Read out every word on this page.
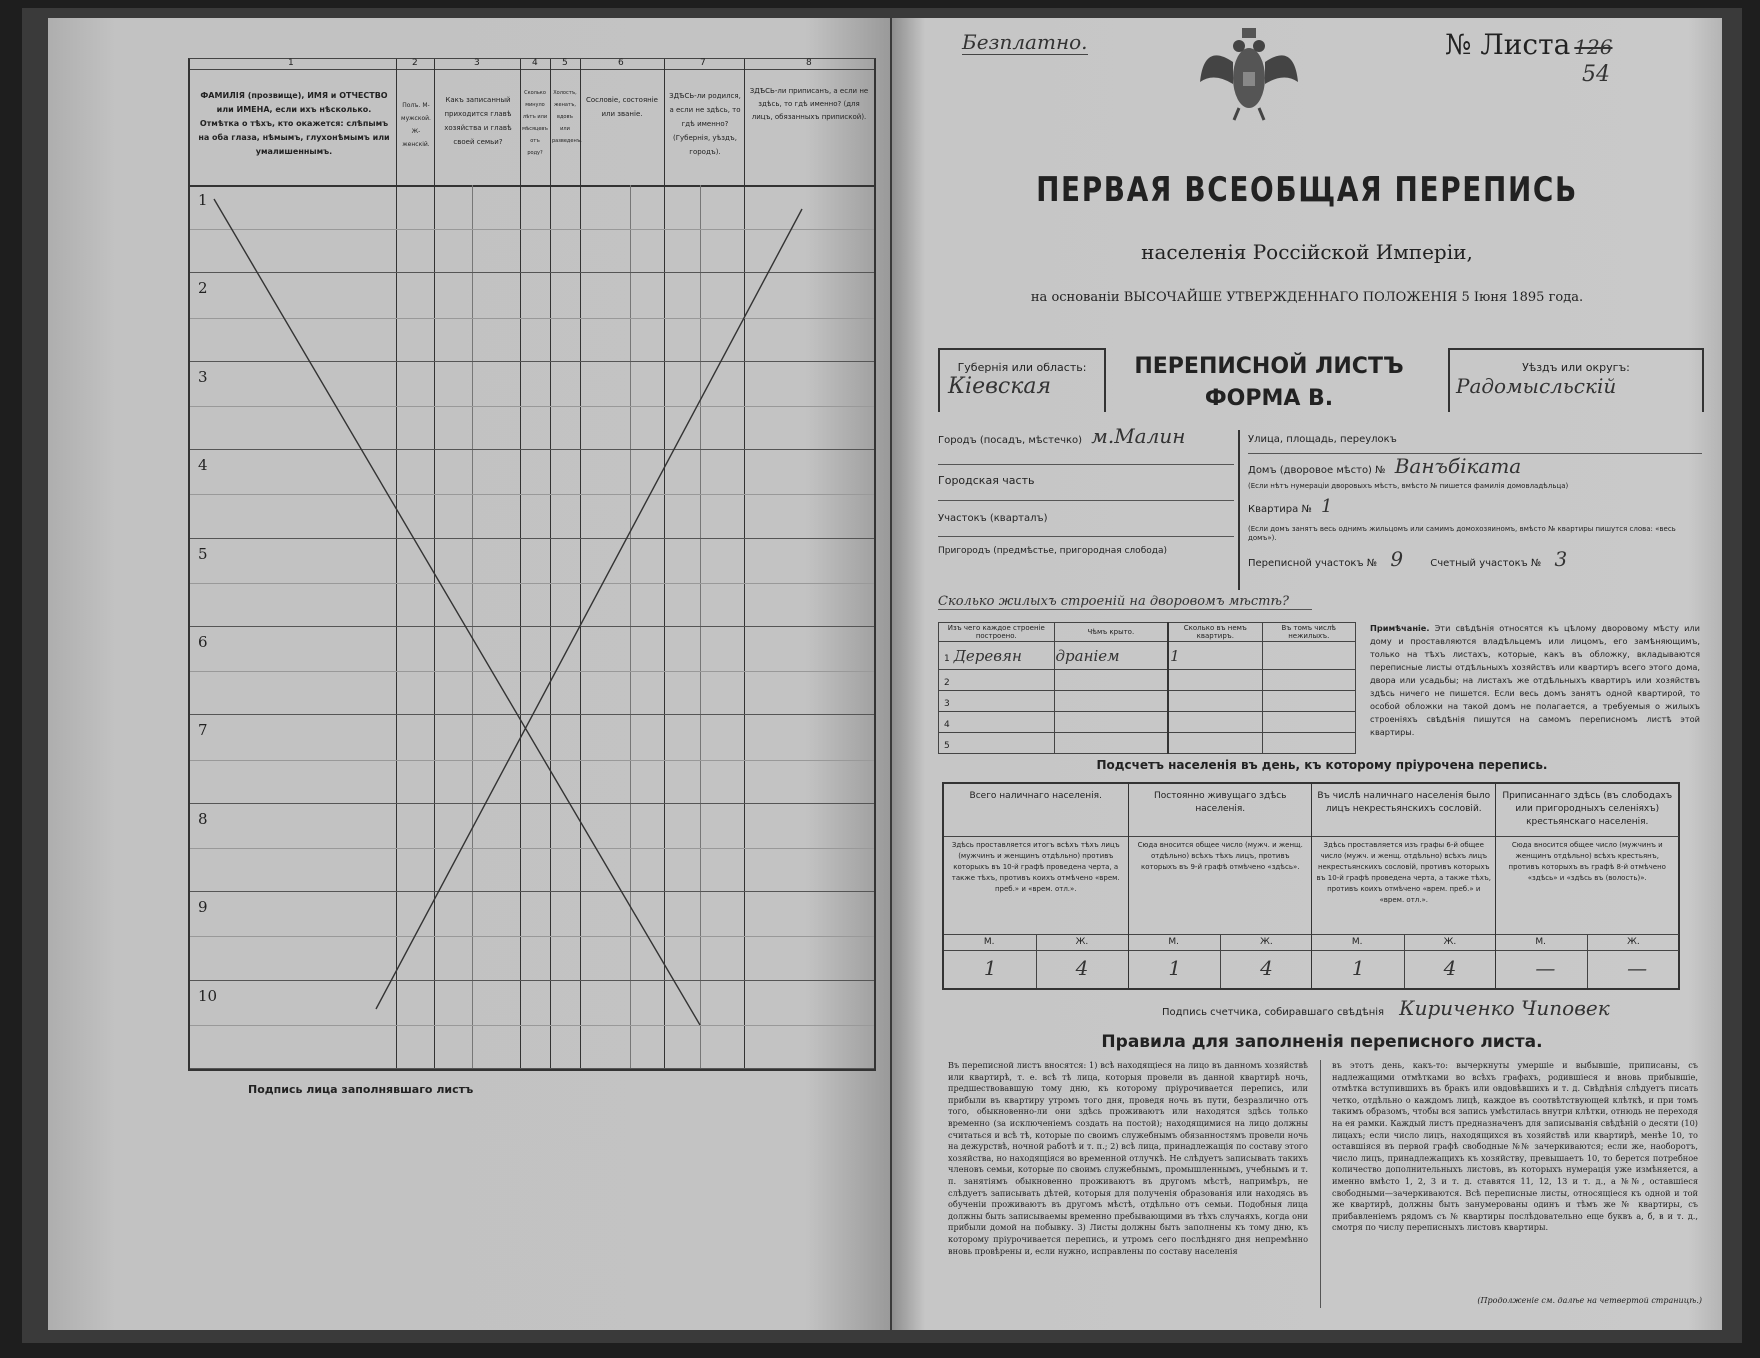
1	2	3	4	5	6	7	8
ФАМИЛІЯ (прозвище), ИМЯ и ОТЧЕСТВО или ИМЕНА, если ихъ нѣсколько. Отмѣтка о тѣхъ, кто окажется: слѣпымъ на оба глаза, нѣмымъ, глухонѣмымъ или умалишеннымъ.
Полъ. М-мужской. Ж-женскій.
Какъ записанный приходится главѣ хозяйства и главѣ своей семьи?
Сколько минуло лѣтъ или мѣсяцевъ отъ роду?
Холостъ, женатъ, вдовъ или разведенъ.
Сословіе, состояніе или званіе.
ЗДѢСЬ-ли родился, а если не здѣсь, то гдѣ именно? (Губернія, уѣздъ, городъ).
ЗДѢСЬ-ли приписанъ, а если не здѣсь, то гдѣ именно? (для лицъ, обязанныхъ припиской).
1
2
3
4
5
6
7
8
9
10
Подпись лица заполнявшаго листъ
Безплатно.	№ Листа 126
54
ПЕРВАЯ ВСЕОБЩАЯ ПЕРЕПИСЬ
населенія Россійской Имперіи,
на основаніи ВЫСОЧАЙШЕ УТВЕРЖДЕННАГО ПОЛОЖЕНІЯ 5 Іюня 1895 года.
Губернія или область:
Кіевская
ПЕРЕПИСНОЙ ЛИСТЪ
ФОРМА В.
Уѣздъ или округъ:
Радомысльскій
Городъ (посадъ, мѣстечко) м.Малин
Городская часть
Участокъ (кварталъ)
Пригородъ (предмѣстье, пригородная слобода)
Улица, площадь, переулокъ
Домъ (дворовое мѣсто) № Ванъбіката
(Если нѣтъ нумераціи дворовыхъ мѣстъ, вмѣсто № пишется фамилія домовладѣльца)
Квартира № 1
(Если домъ занятъ весь однимъ жильцомъ или самимъ домохозяиномъ, вмѣсто № квартиры пишутся слова: «весь домъ»).
Переписной участокъ № 9	Счетный участокъ № 3
Сколько жилыхъ строеній на дворовомъ мѣстѣ?
Изъ чего каждое строеніе построено.	Чѣмъ крыто.	Сколько въ немъ квартиръ.	Въ томъ числѣ нежилыхъ.
1 Деревян	драніем	1	
2			
3			
4			
5			
Примѣчаніе. Эти свѣдѣнія относятся къ цѣлому дворовому мѣсту или дому и проставляются владѣльцемъ или лицомъ, его замѣняющимъ, только на тѣхъ листахъ, которые, какъ въ обложку, вкладываются переписные листы отдѣльныхъ хозяйствъ или квартиръ всего этого дома, двора или усадьбы; на листахъ же отдѣльныхъ квартиръ или хозяйствъ здѣсь ничего не пишется. Если весь домъ занятъ одной квартирой, то особой обложки на такой домъ не полагается, а требуемыя о жилыхъ строеніяхъ свѣдѣнія пишутся на самомъ переписномъ листѣ этой квартиры.
Подсчетъ населенія въ день, къ которому пріурочена перепись.
Всего наличнаго населенія.
Здѣсь проставляется итогъ всѣхъ тѣхъ лицъ (мужчинъ и женщинъ отдѣльно) противъ которыхъ въ 10-й графѣ проведена черта, а также тѣхъ, противъ коихъ отмѣчено «врем. преб.» и «врем. отл.».
М.	Ж.
1	4
Постоянно живущаго здѣсь населенія.
Сюда вносится общее число (мужч. и женщ. отдѣльно) всѣхъ тѣхъ лицъ, противъ которыхъ въ 9-й графѣ отмѣчено «здѣсь».
М.	Ж.
1	4
Въ числѣ наличнаго населенія было лицъ некрестьянскихъ сословій.
Здѣсь проставляется изъ графы 6-й общее число (мужч. и женщ. отдѣльно) всѣхъ лицъ некрестьянскихъ сословій, противъ которыхъ въ 10-й графѣ проведена черта, а также тѣхъ, противъ коихъ отмѣчено «врем. преб.» и «врем. отл.».
М.	Ж.
1	4
Приписаннаго здѣсь (въ слободахъ или пригородныхъ селеніяхъ) крестьянскаго населенія.
Сюда вносится общее число (мужчинъ и женщинъ отдѣльно) всѣхъ крестьянъ, противъ которыхъ въ графѣ 8-й отмѣчено «здѣсь» и «здѣсь въ (волость)».
М.	Ж.
—	—
Подпись счетчика, собиравшаго свѣдѣнія Кириченко Чиповек
Правила для заполненія переписного листа.
Въ переписной листъ вносятся: 1) всѣ находящіеся на лицо въ данномъ хозяйствѣ или квартирѣ, т. е. всѣ тѣ лица, которыя провели въ данной квартирѣ ночь, предшествовавшую тому дню, къ которому пріурочивается перепись, или прибыли въ квартиру утромъ того дня, проведя ночь въ пути, безразлично отъ того, обыкновенно-ли они здѣсь проживаютъ или находятся здѣсь только временно (за исключеніемъ создать на постой); находящимися на лицо должны считаться и всѣ тѣ, которые по своимъ служебнымъ обязанностямъ провели ночь на дежурствѣ, ночной работѣ и т. п.; 2) всѣ лица, принадлежащія по составу этого хозяйства, но находящіяся во временной отлучкѣ. Не слѣдуетъ записывать такихъ членовъ семьи, которые по своимъ служебнымъ, промышленнымъ, учебнымъ и т. п. занятіямъ обыкновенно проживаютъ въ другомъ мѣстѣ, напримѣръ, не слѣдуетъ записывать дѣтей, которыя для полученія образованія или находясь въ обученіи проживаютъ въ другомъ мѣстѣ, отдѣльно отъ семьи. Подобныя лица должны быть записываемы временно пребывающими въ тѣхъ случаяхъ, когда они прибыли домой на побывку. 3) Листы должны быть заполнены къ тому дню, къ которому пріурочивается перепись, и утромъ сего послѣдняго дня непремѣнно вновь провѣрены и, если нужно, исправлены по составу населенія
въ этотъ день, какъ-то: вычеркнуты умершіе и выбывшіе, приписаны, съ надлежащими отмѣтками во всѣхъ графахъ, родившіеся и вновь прибывшіе, отмѣтка вступившихъ въ бракъ или овдовѣвшихъ и т. д. Свѣдѣнія слѣдуетъ писать четко, отдѣльно о каждомъ лицѣ, каждое въ соотвѣтствующей клѣткѣ, и при томъ такимъ образомъ, чтобы вся запись умѣстилась внутри клѣтки, отнюдь не переходя на ея рамки. Каждый листъ предназначенъ для записыванія свѣдѣній о десяти (10) лицахъ; если число лицъ, находящихся въ хозяйствѣ или квартирѣ, менѣе 10, то оставшіяся въ первой графѣ свободные №№ зачеркиваются; если же, наоборотъ, число лицъ, принадлежащихъ къ хозяйству, превышаетъ 10, то берется потребное количество дополнительныхъ листовъ, въ которыхъ нумерація уже измѣняется, а именно вмѣсто 1, 2, 3 и т. д. ставятся 11, 12, 13 и т. д., а №№, оставшіеся свободными—зачеркиваются. Всѣ переписные листы, относящіеся къ одной и той же квартирѣ, должны быть занумерованы одинъ и тѣмъ же № квартиры, съ прибавленіемъ рядомъ съ № квартиры послѣдовательно еще буквъ а, б, в и т. д., смотря по числу переписныхъ листовъ квартиры.
(Продолженіе см. далѣе на четвертой страницѣ.)
